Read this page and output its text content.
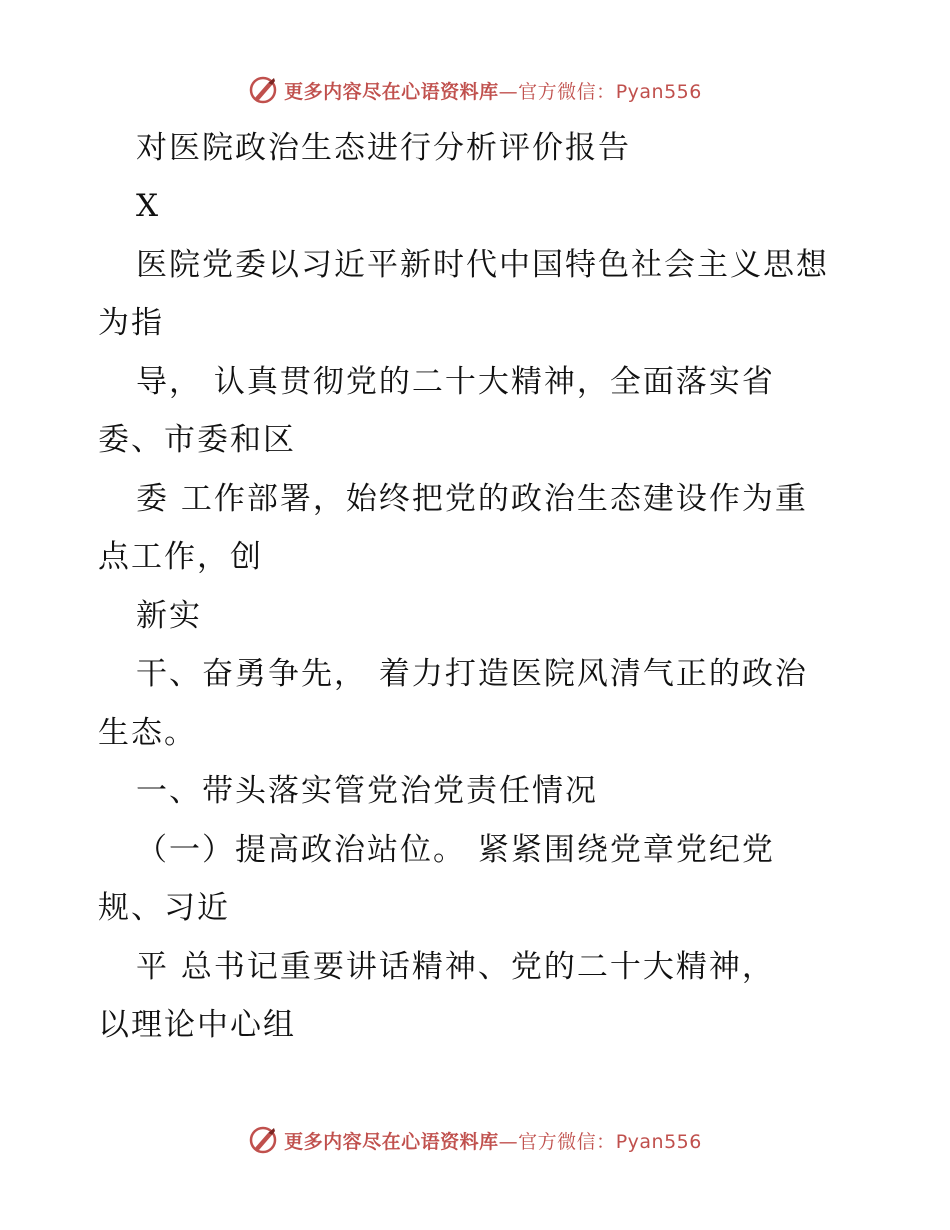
更多内容尽在心语资料库—官方微信：Pyan556
对医院政治生态进行分析评价报告
X
医院党委以习近平新时代中国特色社会主义思想
为指
导， 认真贯彻党的二十大精神，全面落实省
委、市委和区
委 工作部署，始终把党的政治生态建设作为重
点工作，创
新实
干、奋勇争先， 着力打造医院风清气正的政治
生态。
一、带头落实管党治党责任情况
（一）提高政治站位。 紧紧围绕党章党纪党
规、习近
平 总书记重要讲话精神、党的二十大精神，
以理论中心组
更多内容尽在心语资料库—官方微信：Pyan556
